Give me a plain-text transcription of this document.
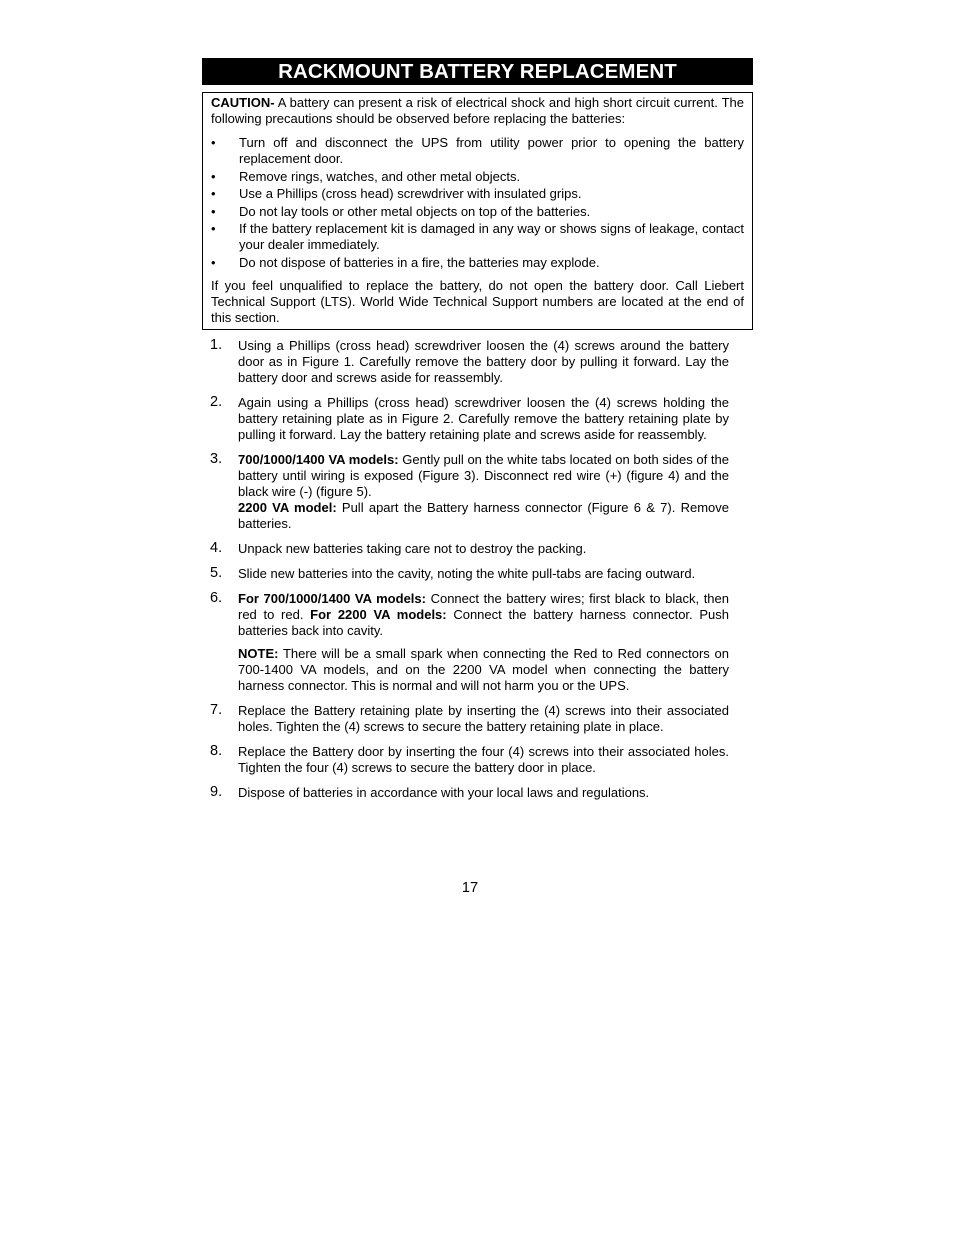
RACKMOUNT BATTERY REPLACEMENT

CAUTION- A battery can present a risk of electrical shock and high short circuit current. The following precautions should be observed before replacing the batteries:

• Turn off and disconnect the UPS from utility power prior to opening the battery replacement door.
• Remove rings, watches, and other metal objects.
• Use a Phillips (cross head) screwdriver with insulated grips.
• Do not lay tools or other metal objects on top of the batteries.
• If the battery replacement kit is damaged in any way or shows signs of leakage, contact your dealer immediately.
• Do not dispose of batteries in a fire, the batteries may explode.

If you feel unqualified to replace the battery, do not open the battery door. Call Liebert Technical Support (LTS). World Wide Technical Support numbers are located at the end of this section.

1. Using a Phillips (cross head) screwdriver loosen the (4) screws around the battery door as in Figure 1. Carefully remove the battery door by pulling it forward. Lay the battery door and screws aside for reassembly.

2. Again using a Phillips (cross head) screwdriver loosen the (4) screws holding the battery retaining plate as in Figure 2. Carefully remove the battery retaining plate by pulling it forward. Lay the battery retaining plate and screws aside for reassembly.

3. 700/1000/1400 VA models: Gently pull on the white tabs located on both sides of the battery until wiring is exposed (Figure 3). Disconnect red wire (+) (figure 4) and the black wire (-) (figure 5).

2200 VA model: Pull apart the Battery harness connector (Figure 6 & 7). Remove batteries.

4. Unpack new batteries taking care not to destroy the packing.

5. Slide new batteries into the cavity, noting the white pull-tabs are facing outward.

6. For 700/1000/1400 VA models: Connect the battery wires; first black to black, then red to red. For 2200 VA models: Connect the battery harness connector. Push batteries back into cavity.

NOTE: There will be a small spark when connecting the Red to Red connectors on 700-1400 VA models, and on the 2200 VA model when connecting the battery harness connector. This is normal and will not harm you or the UPS.

7. Replace the Battery retaining plate by inserting the (4) screws into their associated holes. Tighten the (4) screws to secure the battery retaining plate in place.

8. Replace the Battery door by inserting the four (4) screws into their associated holes. Tighten the four (4) screws to secure the battery door in place.

9. Dispose of batteries in accordance with your local laws and regulations.

17
